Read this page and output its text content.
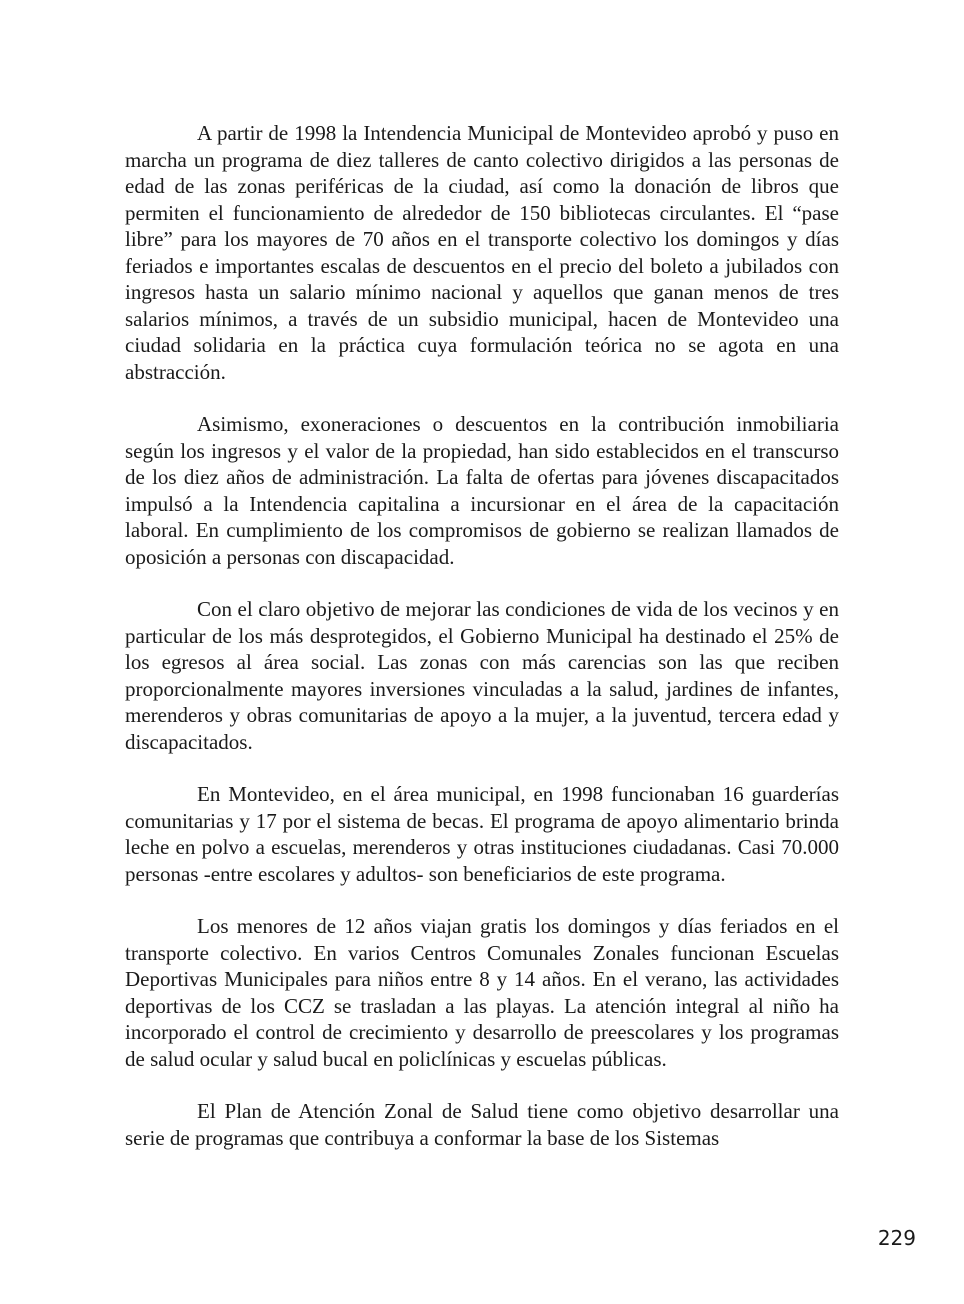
A partir de 1998 la Intendencia Municipal de Montevideo aprobó y puso en marcha un programa de diez talleres de canto colectivo dirigidos a las personas de edad de las zonas periféricas de la ciudad, así como la donación de libros que permiten el funcionamiento de alrededor de 150 bibliotecas circulantes. El “pase libre” para los mayores de 70 años en el transporte colectivo los domingos y días feriados e importantes escalas de descuentos en el precio del boleto a jubilados con ingresos hasta un salario mínimo nacional y aquellos que ganan menos de tres salarios mínimos, a través de un subsidio municipal, hacen de Montevideo una ciudad solidaria en la práctica cuya formulación teórica no se agota en una abstracción.

Asimismo, exoneraciones o descuentos en la contribución inmobiliaria según los ingresos y el valor de la propiedad, han sido establecidos en el transcurso de los diez años de administración. La falta de ofertas para jóvenes discapacitados impulsó a la Intendencia capitalina a incursionar en el área de la capacitación laboral. En cumplimiento de los compromisos de gobierno se realizan llamados de oposición a personas con discapacidad.

Con el claro objetivo de mejorar las condiciones de vida de los vecinos y en particular de los más desprotegidos, el Gobierno Municipal ha destinado el 25% de los egresos al área social. Las zonas con más carencias son las que reciben proporcionalmente mayores inversiones vinculadas a la salud, jardines de infantes, merenderos y obras comunitarias de apoyo a la mujer, a la juventud, tercera edad y discapacitados.

En Montevideo, en el área municipal, en 1998 funcionaban 16 guarderías comunitarias y 17 por el sistema de becas. El programa de apoyo alimentario brinda leche en polvo a escuelas, merenderos y otras instituciones ciudadanas. Casi 70.000 personas -entre escolares y adultos- son beneficiarios de este programa.

Los menores de 12 años viajan gratis los domingos y días feriados en el transporte colectivo. En varios Centros Comunales Zonales funcionan Escuelas Deportivas Municipales para niños entre 8 y 14 años. En el verano, las actividades deportivas de los CCZ se trasladan a las playas. La atención integral al niño ha incorporado el control de crecimiento y desarrollo de preescolares y los programas de salud ocular y salud bucal en policlínicas y escuelas públicas.

El Plan de Atención Zonal de Salud tiene como objetivo desarrollar una serie de programas que contribuya a conformar la base de los Sistemas

229
